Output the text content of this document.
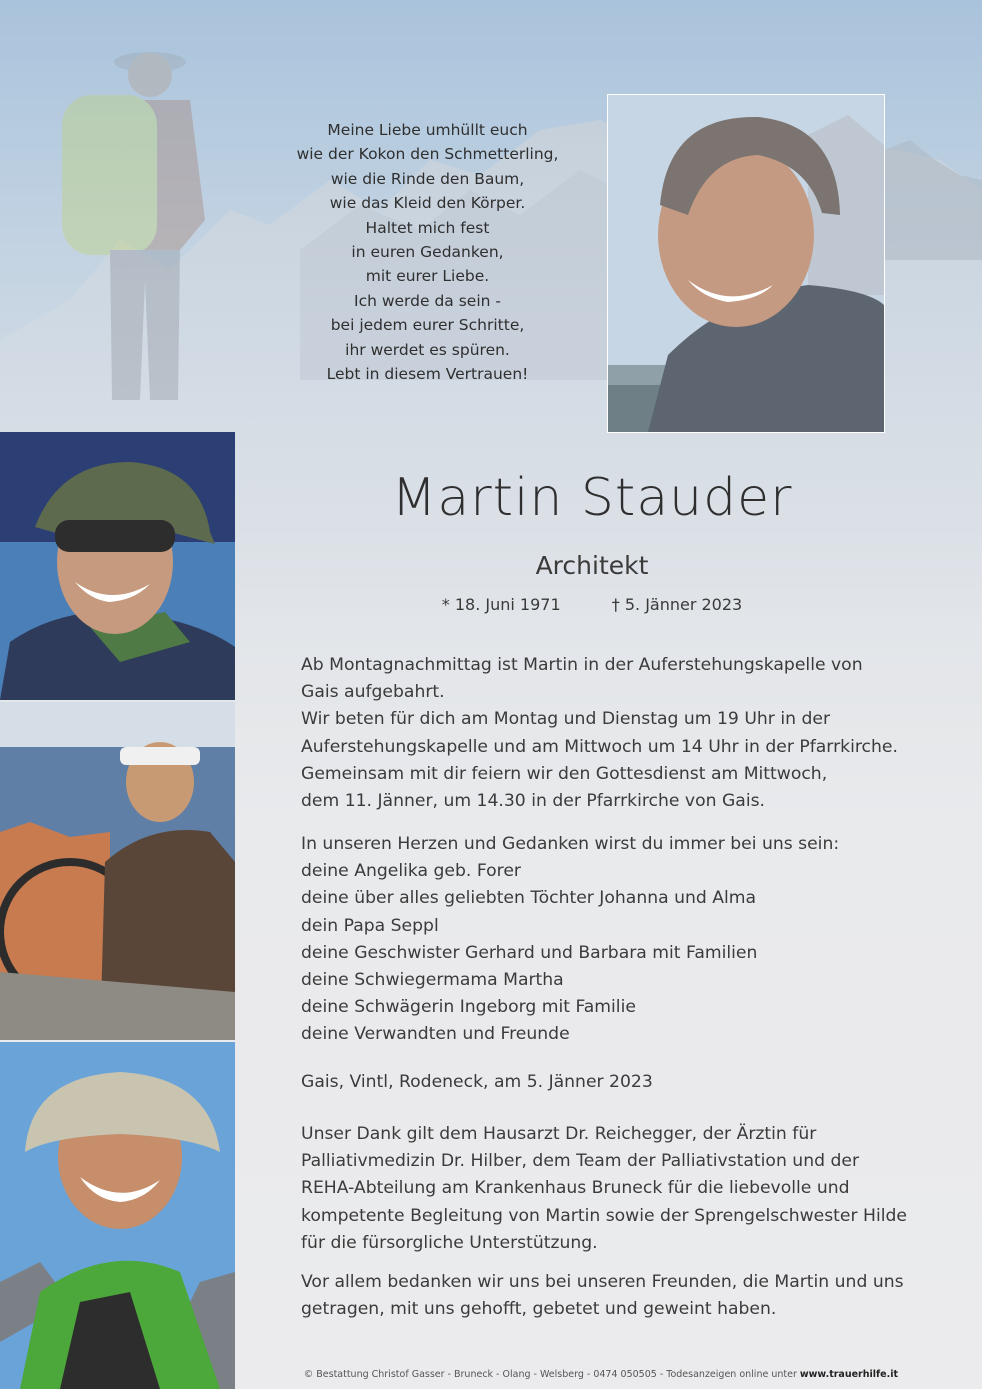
Meine Liebe umhüllt euch
wie der Kokon den Schmetterling,
wie die Rinde den Baum,
wie das Kleid den Körper.
Haltet mich fest
in euren Gedanken,
mit eurer Liebe.
Ich werde da sein -
bei jedem eurer Schritte,
ihr werdet es spüren.
Lebt in diesem Vertrauen!
Martin Stauder
Architekt
* 18. Juni 1971	† 5. Jänner 2023
Ab Montagnachmittag ist Martin in der Auferstehungskapelle von
Gais aufgebahrt.
Wir beten für dich am Montag und Dienstag um 19 Uhr in der
Auferstehungskapelle und am Mittwoch um 14 Uhr in der Pfarrkirche.
Gemeinsam mit dir feiern wir den Gottesdienst am Mittwoch,
dem 11. Jänner, um 14.30 in der Pfarrkirche von Gais.
In unseren Herzen und Gedanken wirst du immer bei uns sein:
deine Angelika geb. Forer
deine über alles geliebten Töchter Johanna und Alma
dein Papa Seppl
deine Geschwister Gerhard und Barbara mit Familien
deine Schwiegermama Martha
deine Schwägerin Ingeborg mit Familie
deine Verwandten und Freunde
Gais, Vintl, Rodeneck, am 5. Jänner 2023
Unser Dank gilt dem Hausarzt Dr. Reichegger, der Ärztin für
Palliativmedizin Dr. Hilber, dem Team der Palliativstation und der
REHA-Abteilung am Krankenhaus Bruneck für die liebevolle und
kompetente Begleitung von Martin sowie der Sprengelschwester Hilde
für die fürsorgliche Unterstützung.
Vor allem bedanken wir uns bei unseren Freunden, die Martin und uns
getragen, mit uns gehofft, gebetet und geweint haben.
© Bestattung Christof Gasser - Bruneck - Olang - Welsberg - 0474 050505 - Todesanzeigen online unter www.trauerhilfe.it
